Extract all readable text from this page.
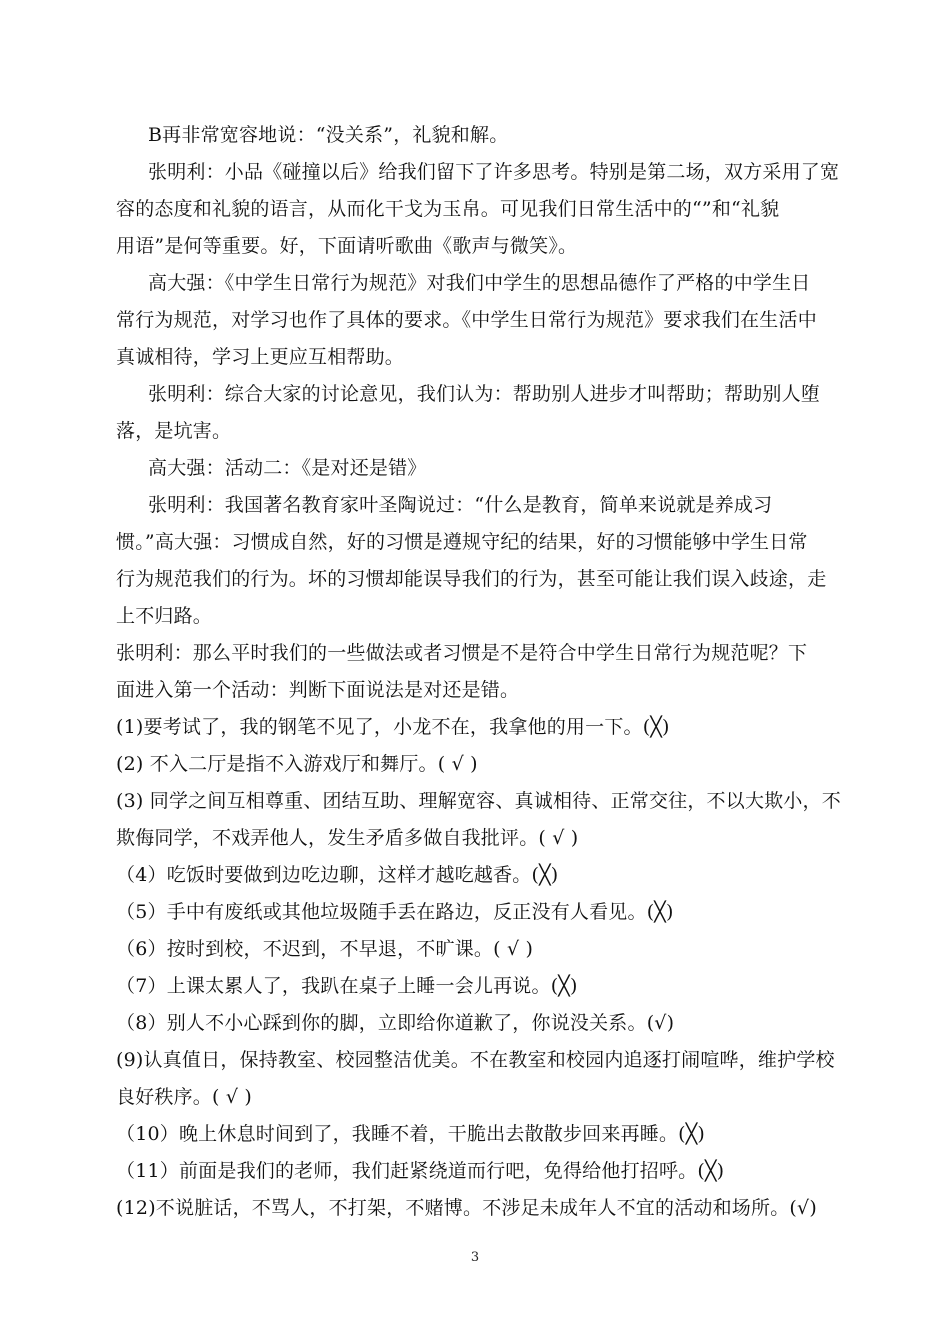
B再非常宽容地说：“没关系”，礼貌和解。
张明利：小品《碰撞以后》给我们留下了许多思考。特别是第二场，双方采用了宽
容的态度和礼貌的语言，从而化干戈为玉帛。可见我们日常生活中的“”和“礼貌
用语”是何等重要。好，下面请听歌曲《歌声与微笑》。
高大强：《中学生日常行为规范》对我们中学生的思想品德作了严格的中学生日
常行为规范，对学习也作了具体的要求。《中学生日常行为规范》要求我们在生活中
真诚相待，学习上更应互相帮助。
张明利：综合大家的讨论意见，我们认为：帮助别人进步才叫帮助；帮助别人堕
落，是坑害。
高大强：活动二：《是对还是错》
张明利：我国著名教育家叶圣陶说过：“什么是教育，简单来说就是养成习
惯。”高大强：习惯成自然，好的习惯是遵规守纪的结果，好的习惯能够中学生日常
行为规范我们的行为。坏的习惯却能误导我们的行为，甚至可能让我们误入歧途，走
上不归路。
张明利：那么平时我们的一些做法或者习惯是不是符合中学生日常行为规范呢？下
面进入第一个活动：判断下面说法是对还是错。
(1)要考试了，我的钢笔不见了，小龙不在，我拿他的用一下。(╳)
(2) 不入二厅是指不入游戏厅和舞厅。( √ )
(3) 同学之间互相尊重、团结互助、理解宽容、真诚相待、正常交往，不以大欺小，不
欺侮同学，不戏弄他人，发生矛盾多做自我批评。( √ )
（4）吃饭时要做到边吃边聊，这样才越吃越香。(╳)
（5）手中有废纸或其他垃圾随手丢在路边，反正没有人看见。(╳)
（6）按时到校，不迟到，不早退，不旷课。( √ )
（7）上课太累人了，我趴在桌子上睡一会儿再说。(╳)
（8）别人不小心踩到你的脚，立即给你道歉了，你说没关系。(√)
(9)认真值日，保持教室、校园整洁优美。不在教室和校园内追逐打闹喧哗，维护学校
良好秩序。( √ )
（10）晚上休息时间到了，我睡不着，干脆出去散散步回来再睡。(╳)
（11）前面是我们的老师，我们赶紧绕道而行吧，免得给他打招呼。(╳)
(12)不说脏话，不骂人，不打架，不赌博。不涉足未成年人不宜的活动和场所。(√)
3
